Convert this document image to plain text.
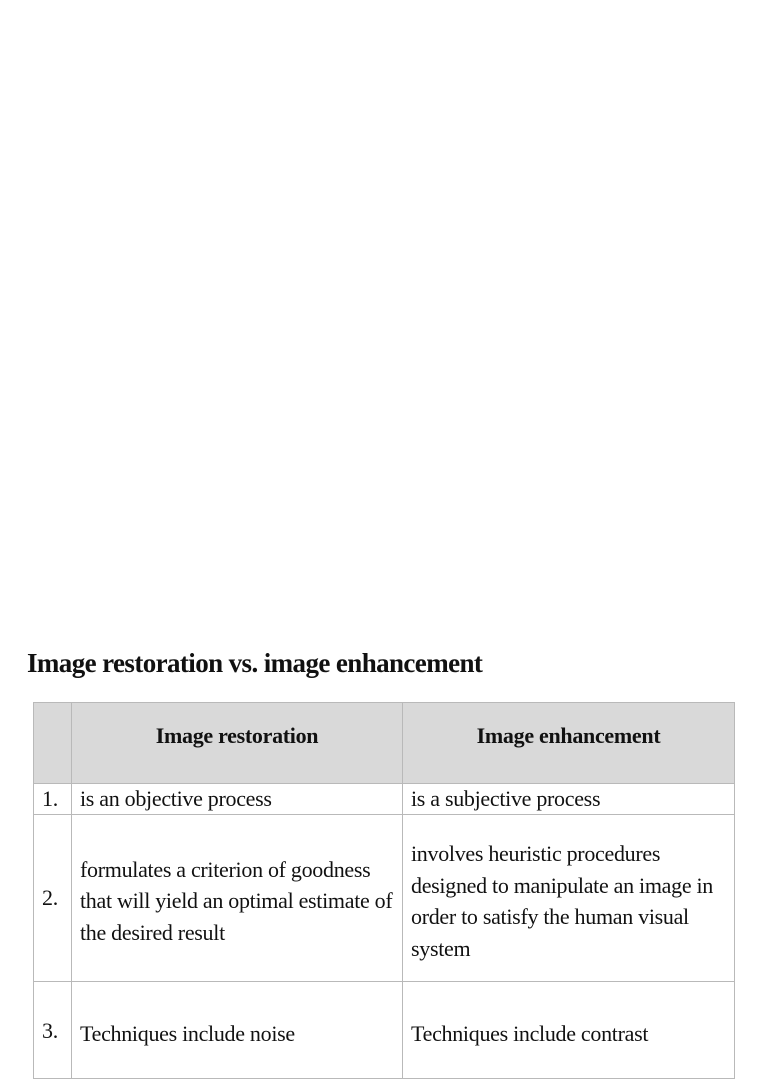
Image restoration vs. image enhancement
	Image restoration	Image enhancement
1.	is an objective process	is a subjective process
2.	formulates a criterion of goodness that will yield an optimal estimate of the desired result	involves heuristic procedures designed to manipulate an image in order to satisfy the human visual system
3.	Techniques include noise	Techniques include contrast
